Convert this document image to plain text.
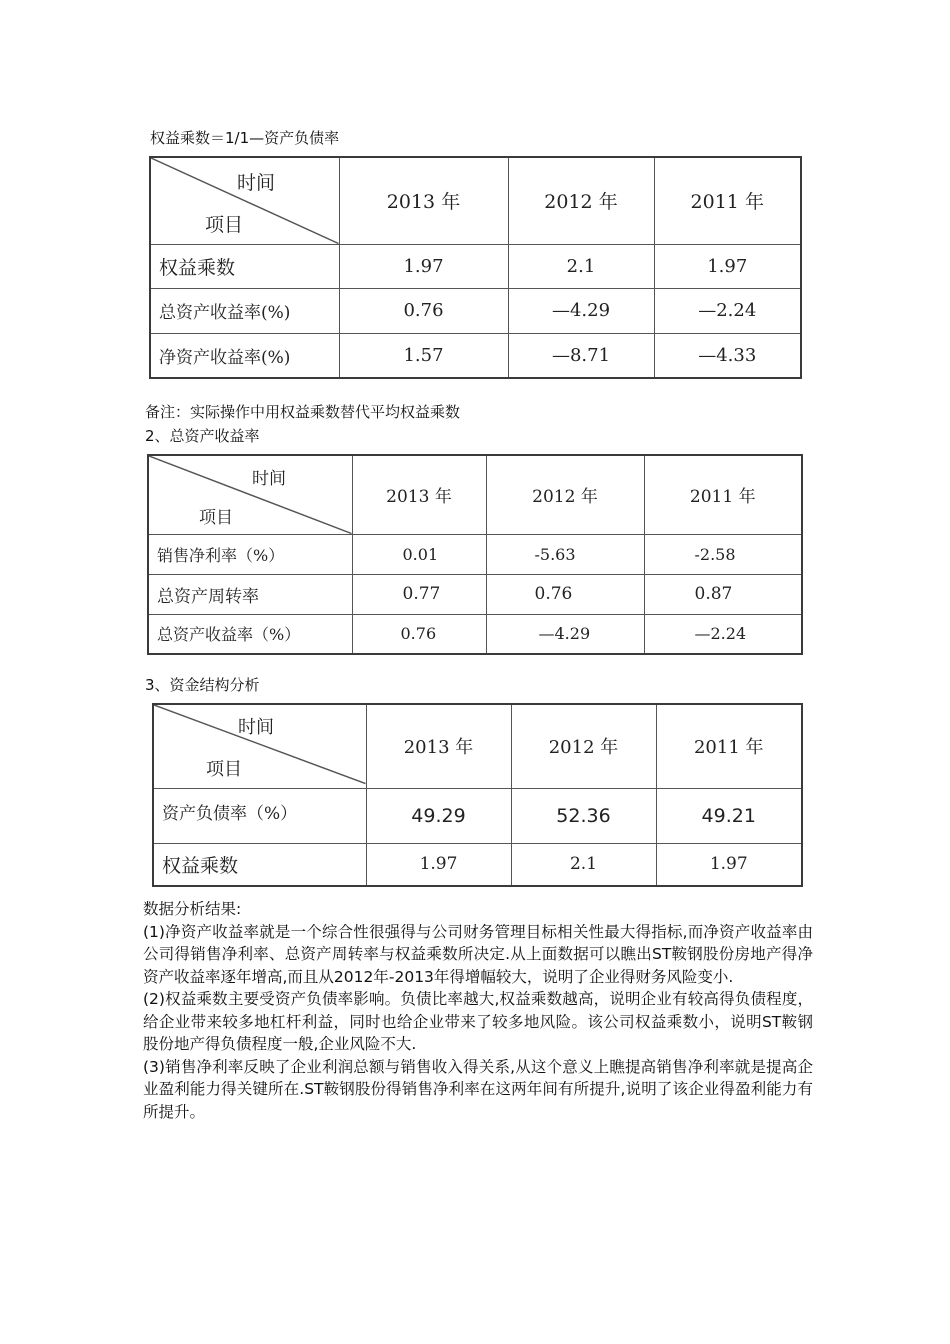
权益乘数＝1/1—资产负债率
时间
项目	2013 年	2012 年	2011 年
权益乘数	1.97	2.1	1.97
总资产收益率(%)	0.76	—4.29	—2.24
净资产收益率(%)	1.57	—8.71	—4.33
备注：实际操作中用权益乘数替代平均权益乘数
2、总资产收益率
时间
项目	2013 年	2012 年	2011 年
销售净利率（%）	0.01	-5.63	-2.58
总资产周转率	0.77	0.76	0.87
总资产收益率（%）	0.76	—4.29	—2.24
3、资金结构分析
时间
项目	2013 年	2012 年	2011 年
资产负债率（%）	49.29	52.36	49.21
权益乘数	1.97	2.1	1.97

数据分析结果:

(1)净资产收益率就是一个综合性很强得与公司财务管理目标相关性最大得指标,而净资产收益率由公司得销售净利率、总资产周转率与权益乘数所决定.从上面数据可以瞧出ST鞍钢股份房地产得净资产收益率逐年增高,而且从2012年-2013年得增幅较大，说明了企业得财务风险变小.

(2)权益乘数主要受资产负债率影响。负债比率越大,权益乘数越高，说明企业有较高得负债程度，给企业带来较多地杠杆利益，同时也给企业带来了较多地风险。该公司权益乘数小，说明ST鞍钢股份地产得负债程度一般,企业风险不大.

(3)销售净利率反映了企业利润总额与销售收入得关系,从这个意义上瞧提高销售净利率就是提高企业盈利能力得关键所在.ST鞍钢股份得销售净利率在这两年间有所提升,说明了该企业得盈利能力有所提升。
